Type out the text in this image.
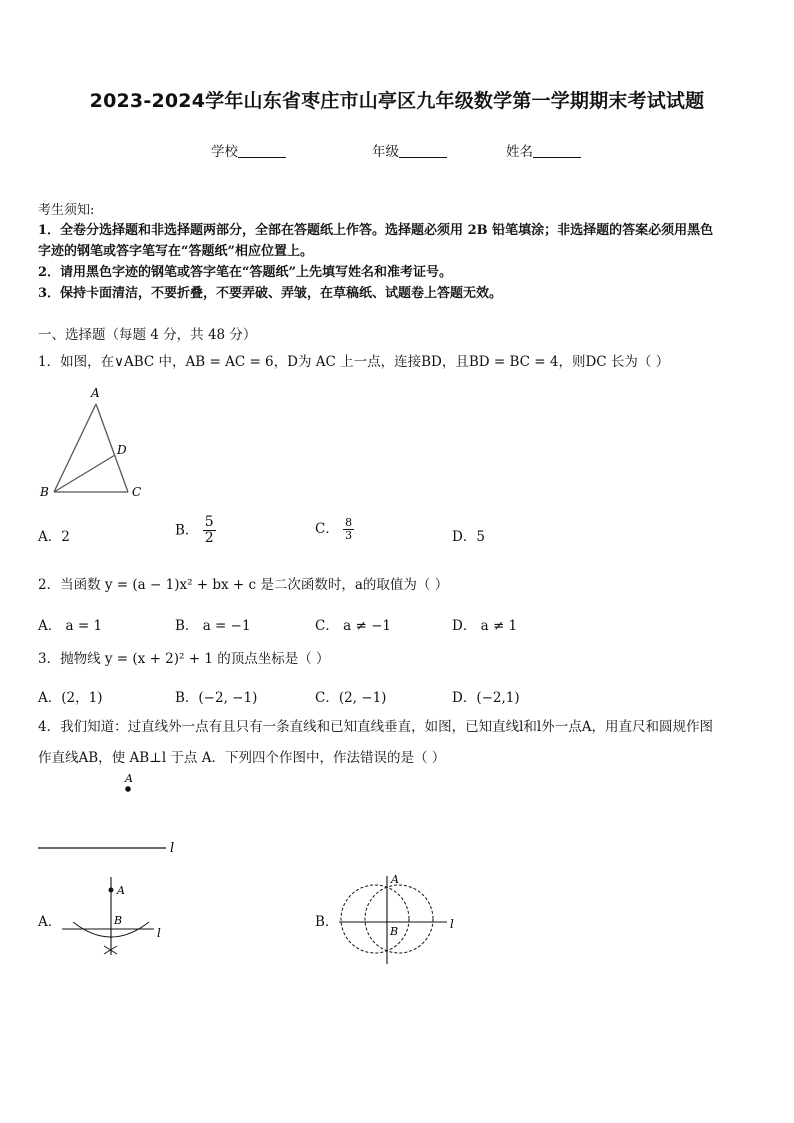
2023-2024学年山东省枣庄市山亭区九年级数学第一学期期末考试试题
学校	年级	姓名
考生须知:
1．全卷分选择题和非选择题两部分，全部在答题纸上作答。选择题必须用 2B 铅笔填涂；非选择题的答案必须用黑色
字迹的钢笔或答字笔写在“答题纸”相应位置上。
2．请用黑色字迹的钢笔或答字笔在“答题纸”上先填写姓名和准考证号。
3．保持卡面清洁，不要折叠，不要弄破、弄皱，在草稿纸、试题卷上答题无效。
一、选择题（每题 4 分，共 48 分）
1．如图，在∨ABC 中，AB = AC = 6，D为 AC 上一点，连接BD，且BD = BC = 4，则DC 长为（ ）
A
D
B	C
A．2	B． $\frac{5}{2}$	C． $\frac{8}{3}$	D．5
2．当函数 y = (a − 1)x² + bx + c 是二次函数时，a的取值为（ ）
A． a = 1	B． a = −1	C． a ≠ −1	D． a ≠ 1
3．抛物线 y = (x + 2)² + 1 的顶点坐标是（ ）
A．(2，1)	B．(−2, −1)	C．(2, −1)	D．(−2,1)
4．我们知道：过直线外一点有且只有一条直线和已知直线垂直，如图，已知直线l和l外一点A，用直尺和圆规作图
作直线AB，使 AB⊥l 于点 A．下列四个作图中，作法错误的是（ ）
A
l
A．
A
B
l
B．
A
B
l
